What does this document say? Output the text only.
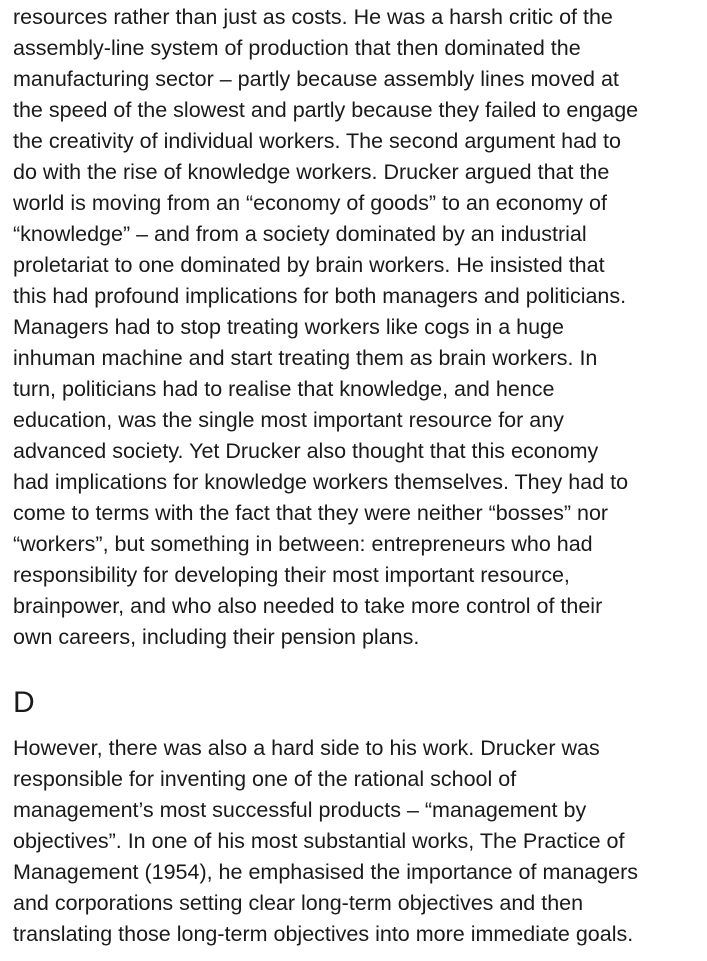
resources rather than just as costs. He was a harsh critic of the
assembly-line system of production that then dominated the
manufacturing sector – partly because assembly lines moved at
the speed of the slowest and partly because they failed to engage
the creativity of individual workers. The second argument had to
do with the rise of knowledge workers. Drucker argued that the
world is moving from an “economy of goods” to an economy of
“knowledge” – and from a society dominated by an industrial
proletariat to one dominated by brain workers. He insisted that
this had profound implications for both managers and politicians.
Managers had to stop treating workers like cogs in a huge
inhuman machine and start treating them as brain workers. In
turn, politicians had to realise that knowledge, and hence
education, was the single most important resource for any
advanced society. Yet Drucker also thought that this economy
had implications for knowledge workers themselves. They had to
come to terms with the fact that they were neither “bosses” nor
“workers”, but something in between: entrepreneurs who had
responsibility for developing their most important resource,
brainpower, and who also needed to take more control of their
own careers, including their pension plans.
D
However, there was also a hard side to his work. Drucker was
responsible for inventing one of the rational school of
management’s most successful products – “management by
objectives”. In one of his most substantial works, The Practice of
Management (1954), he emphasised the importance of managers
and corporations setting clear long-term objectives and then
translating those long-term objectives into more immediate goals.
